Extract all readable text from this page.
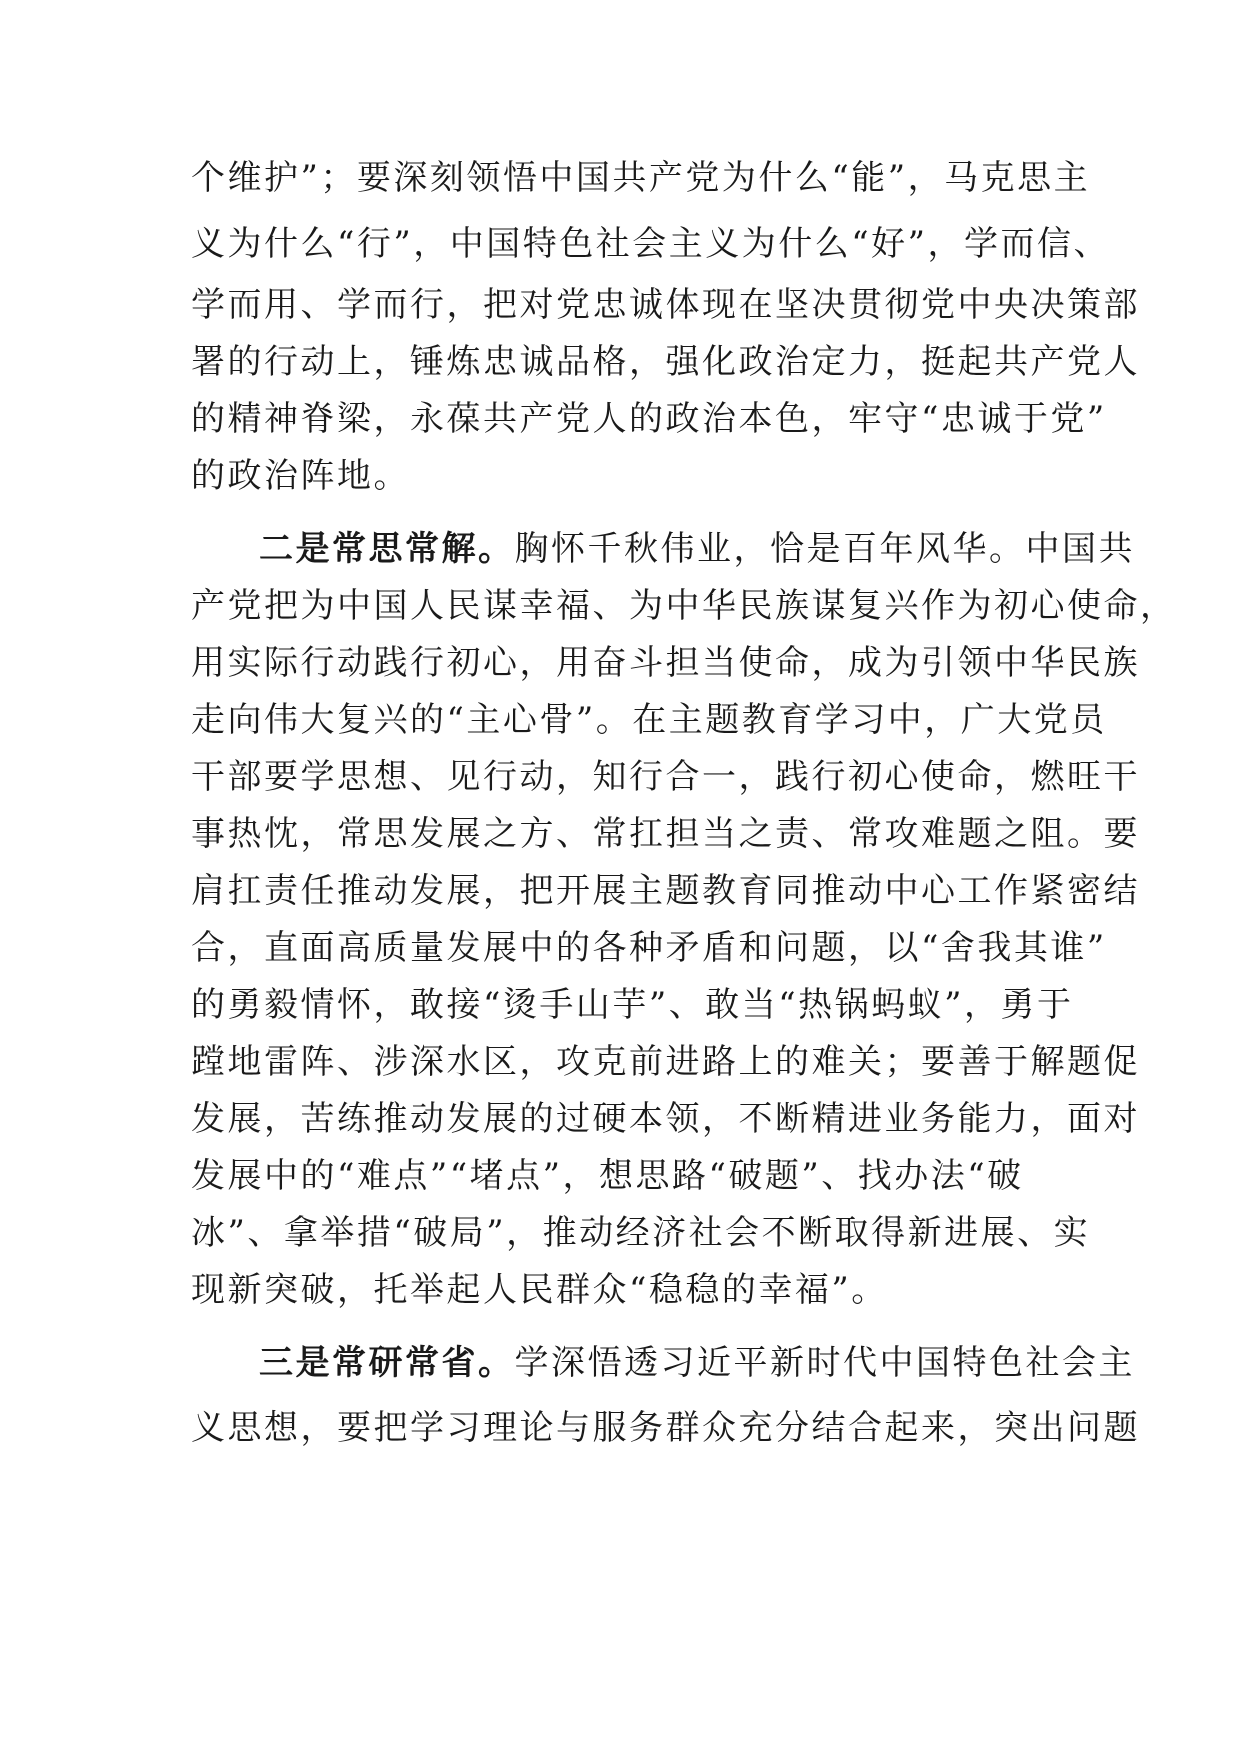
个维护”；要深刻领悟中国共产党为什么“能”，马克思主
义为什么“行”，中国特色社会主义为什么“好”，学而信、
学而用、学而行，把对党忠诚体现在坚决贯彻党中央决策部
署的行动上，锤炼忠诚品格，强化政治定力，挺起共产党人
的精神脊梁，永葆共产党人的政治本色，牢守“忠诚于党”
的政治阵地。
二是常思常解。胸怀千秋伟业，恰是百年风华。中国共
产党把为中国人民谋幸福、为中华民族谋复兴作为初心使命，
用实际行动践行初心，用奋斗担当使命，成为引领中华民族
走向伟大复兴的“主心骨”。在主题教育学习中，广大党员
干部要学思想、见行动，知行合一，践行初心使命，燃旺干
事热忱，常思发展之方、常扛担当之责、常攻难题之阻。要
肩扛责任推动发展，把开展主题教育同推动中心工作紧密结
合，直面高质量发展中的各种矛盾和问题，以“舍我其谁”
的勇毅情怀，敢接“烫手山芋”、敢当“热锅蚂蚁”，勇于
蹚地雷阵、涉深水区，攻克前进路上的难关；要善于解题促
发展，苦练推动发展的过硬本领，不断精进业务能力，面对
发展中的“难点”“堵点”，想思路“破题”、找办法“破
冰”、拿举措“破局”，推动经济社会不断取得新进展、实
现新突破，托举起人民群众“稳稳的幸福”。
三是常研常省。学深悟透习近平新时代中国特色社会主
义思想，要把学习理论与服务群众充分结合起来，突出问题
